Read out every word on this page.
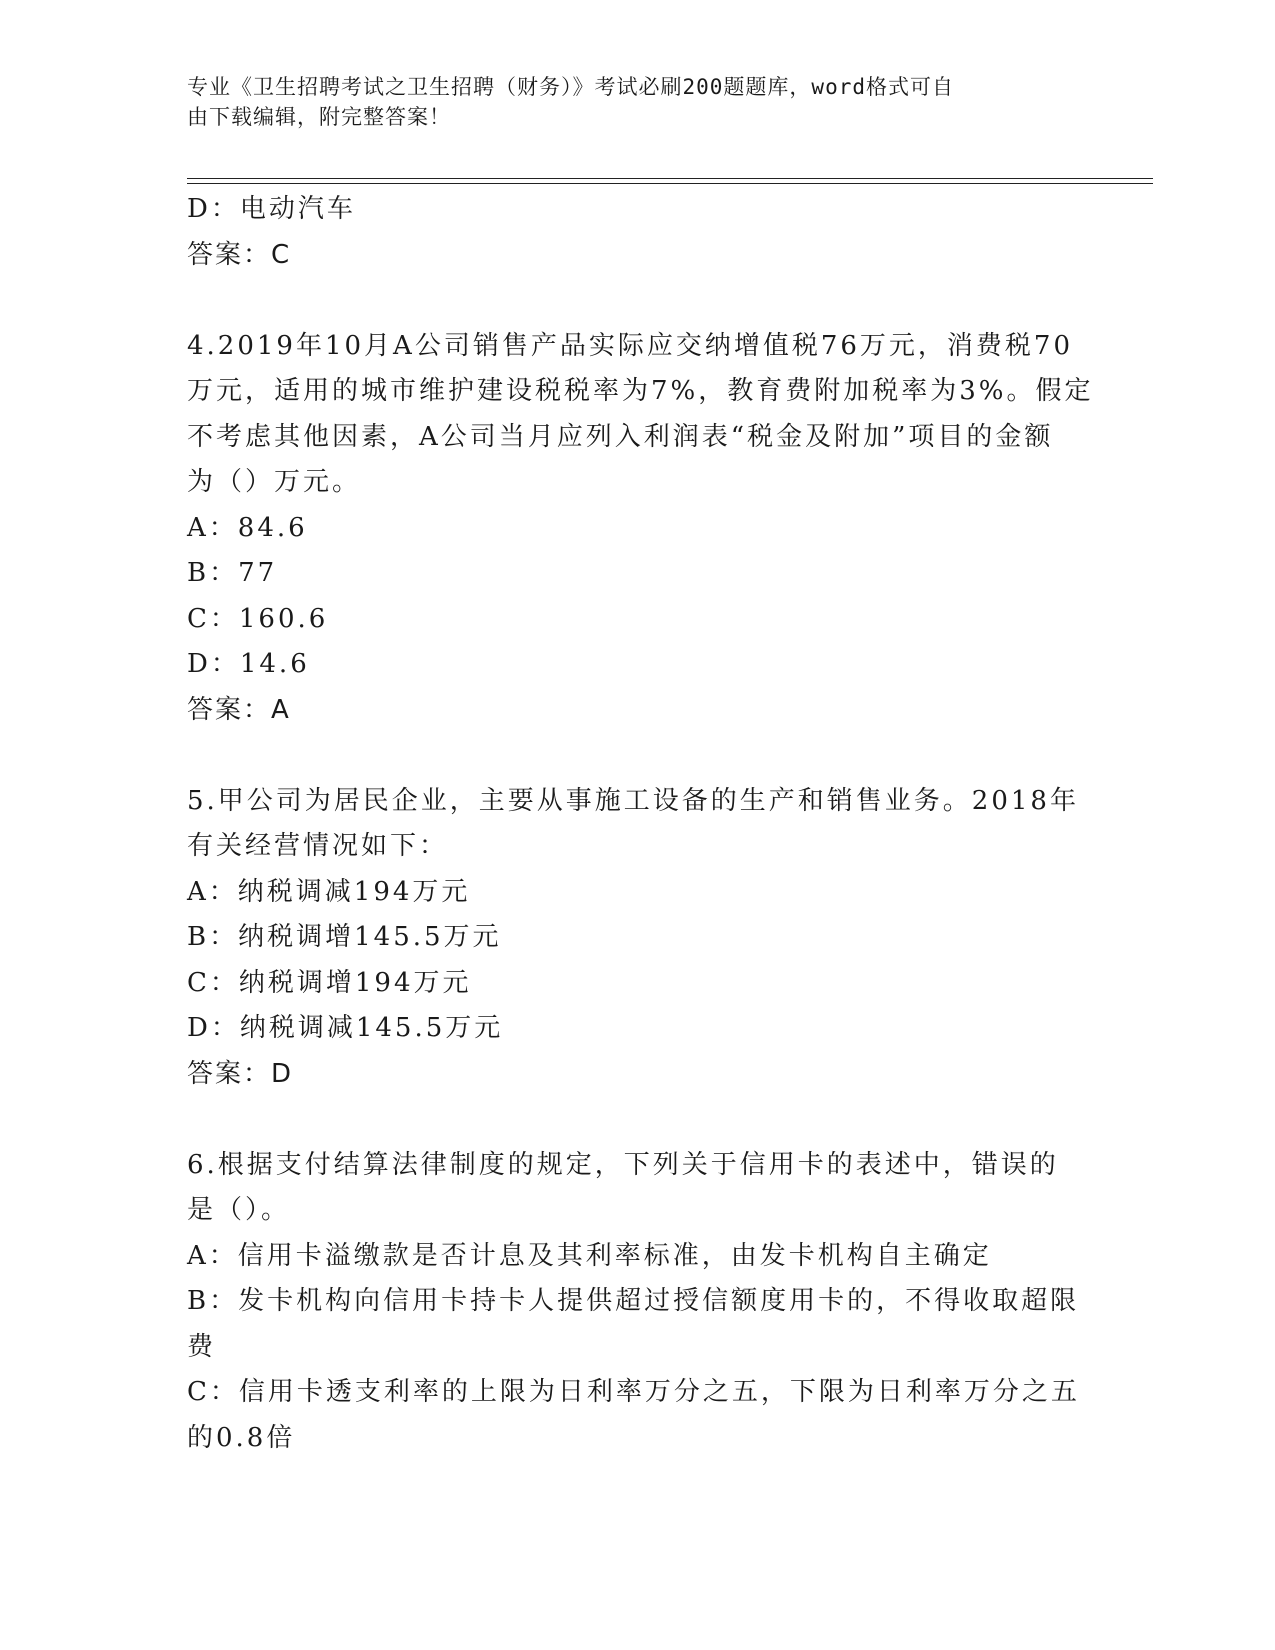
专业《卫生招聘考试之卫生招聘（财务）》考试必刷200题题库，word格式可自
由下载编辑，附完整答案！

D：电动汽车

答案：C

4.2019年10月A公司销售产品实际应交纳增值税76万元，消费税70

万元，适用的城市维护建设税税率为7%，教育费附加税率为3%。假定

不考虑其他因素，A公司当月应列入利润表“税金及附加”项目的金额

为（）万元。

A：84.6

B：77

C：160.6

D：14.6

答案：A

5.甲公司为居民企业，主要从事施工设备的生产和销售业务。2018年

有关经营情况如下：

A：纳税调减194万元

B：纳税调增145.5万元

C：纳税调增194万元

D：纳税调减145.5万元

答案：D

6.根据支付结算法律制度的规定，下列关于信用卡的表述中，错误的

是（）。

A：信用卡溢缴款是否计息及其利率标准，由发卡机构自主确定

B：发卡机构向信用卡持卡人提供超过授信额度用卡的，不得收取超限

费

C：信用卡透支利率的上限为日利率万分之五，下限为日利率万分之五

的0.8倍
